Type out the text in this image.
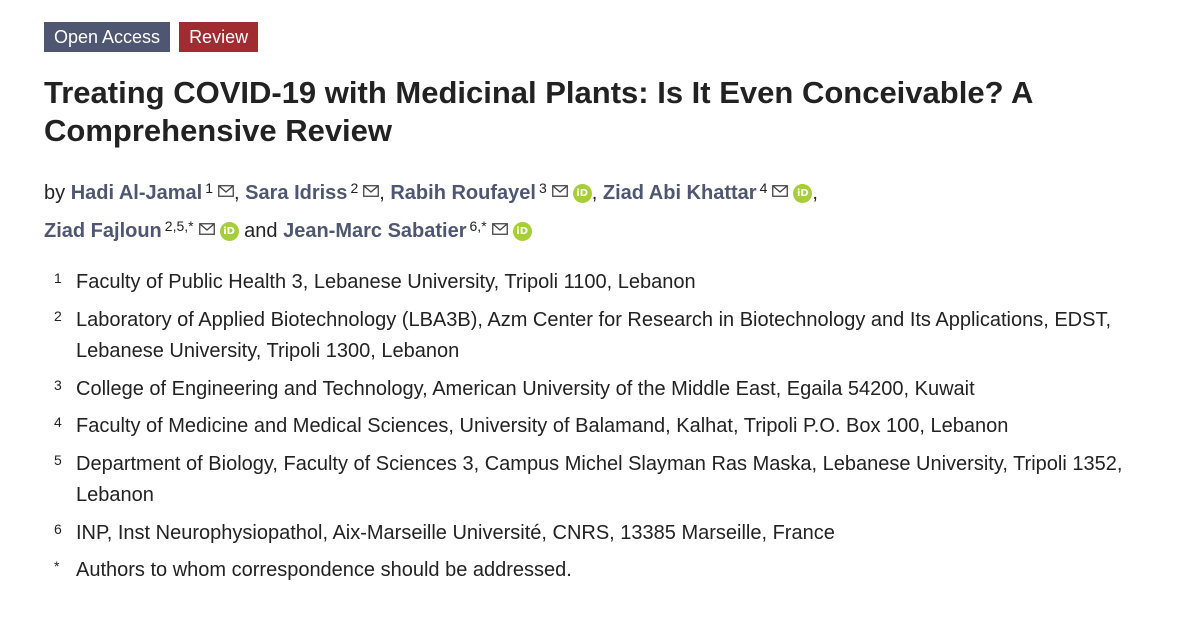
Open Access	Review
Treating COVID-19 with Medicinal Plants: Is It Even Conceivable? A Comprehensive Review
by Hadi Al-Jamal $^1$ , Sara Idriss $^2$ , Rabih Roufayel $^3$	iD , Ziad Abi Khattar $^4$	iD ,
Ziad Fajloun $^{2,5,*}$	iD and Jean-Marc Sabatier $^{6,*}$	iD
1 Faculty of Public Health 3, Lebanese University, Tripoli 1100, Lebanon
2 Laboratory of Applied Biotechnology (LBA3B), Azm Center for Research in Biotechnology and Its Applications, EDST, Lebanese University, Tripoli 1300, Lebanon
3 College of Engineering and Technology, American University of the Middle East, Egaila 54200, Kuwait
4 Faculty of Medicine and Medical Sciences, University of Balamand, Kalhat, Tripoli P.O. Box 100, Lebanon
5 Department of Biology, Faculty of Sciences 3, Campus Michel Slayman Ras Maska, Lebanese University, Tripoli 1352, Lebanon
6 INP, Inst Neurophysiopathol, Aix-Marseille Université, CNRS, 13385 Marseille, France
* Authors to whom correspondence should be addressed.
